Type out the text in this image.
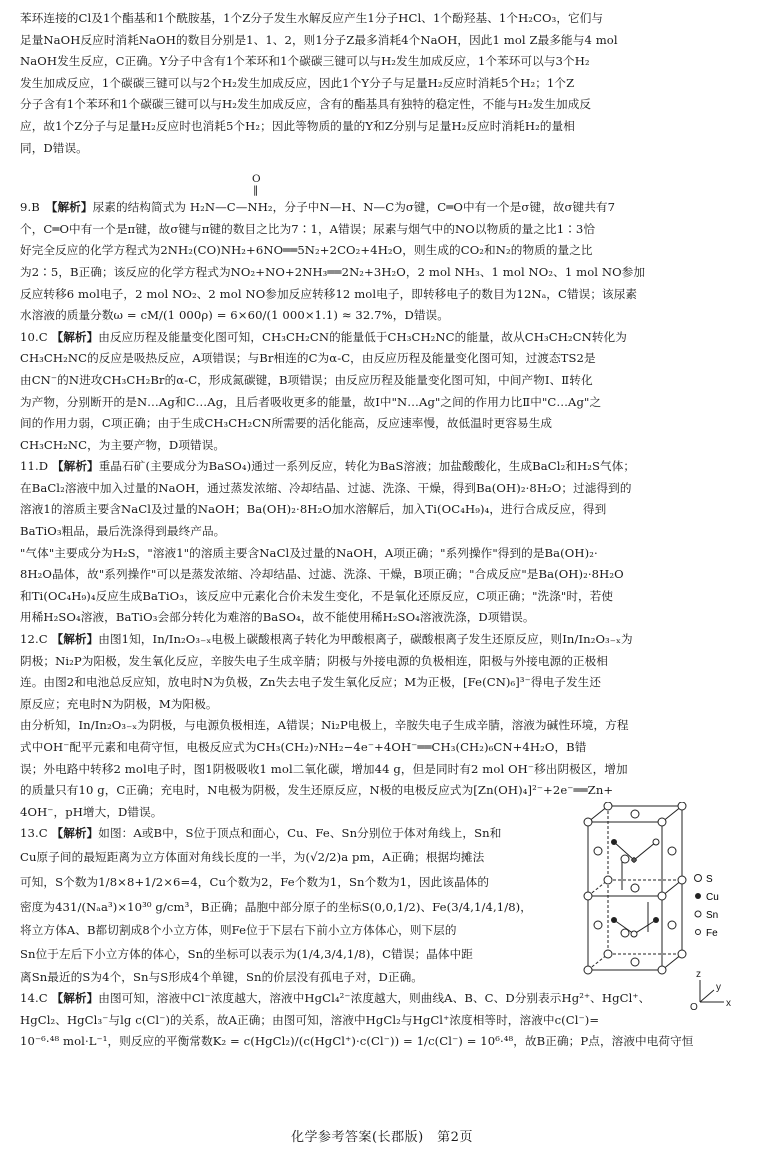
苯环连接的Cl及1个酯基和1个酰胺基，1个Z分子发生水解反应产生1分子HCl、1个酚羟基、1个H₂CO₃，它们与

足量NaOH反应时消耗NaOH的数目分别是1、1、2，则1分子Z最多消耗4个NaOH，因此1 mol Z最多能与4 mol

NaOH发生反应，C正确。Y分子中含有1个苯环和1个碳碳三键可以与H₂发生加成反应，1个苯环可以与3个H₂

发生加成反应，1个碳碳三键可以与2个H₂发生加成反应，因此1个Y分子与足量H₂反应时消耗5个H₂；1个Z

分子含有1个苯环和1个碳碳三键可以与H₂发生加成反应，含有的酯基具有独特的稳定性，不能与H₂发生加成反

应，故1个Z分子与足量H₂反应时也消耗5个H₂；因此等物质的量的Y和Z分别与足量H₂反应时消耗H₂的量相

同，D错误。

O
‖

9.B 【解析】尿素的结构简式为 H₂N—C—NH₂，分子中N—H、N—C为σ键，C═O中有一个是σ键，故σ键共有7

个，C═O中有一个是π键，故σ键与π键的数目之比为7∶1，A错误；尿素与烟气中的NO以物质的量之比1∶3恰

好完全反应的化学方程式为2NH₂(CO)NH₂+6NO══5N₂+2CO₂+4H₂O，则生成的CO₂和N₂的物质的量之比

为2∶5，B正确；该反应的化学方程式为NO₂+NO+2NH₃══2N₂+3H₂O，2 mol NH₃、1 mol NO₂、1 mol NO参加

反应转移6 mol电子，2 mol NO₂、2 mol NO参加反应转移12 mol电子，即转移电子的数目为12Nₐ，C错误；该尿素

水溶液的质量分数ω = cM/(1 000ρ) = 6×60/(1 000×1.1) ≈ 32.7%，D错误。

10.C 【解析】由反应历程及能量变化图可知，CH₃CH₂CN的能量低于CH₃CH₂NC的能量，故从CH₃CH₂CN转化为

CH₃CH₂NC的反应是吸热反应，A项错误；与Br相连的C为α-C，由反应历程及能量变化图可知，过渡态TS2是

由CN⁻的N进攻CH₃CH₂Br的α-C，形成氮碳键，B项错误；由反应历程及能量变化图可知，中间产物Ⅰ、Ⅱ转化

为产物，分别断开的是N…Ag和C…Ag，且后者吸收更多的能量，故Ⅰ中"N…Ag"之间的作用力比Ⅱ中"C…Ag"之

间的作用力弱，C项正确；由于生成CH₃CH₂CN所需要的活化能高，反应速率慢，故低温时更容易生成

CH₃CH₂NC，为主要产物，D项错误。

11.D 【解析】重晶石矿(主要成分为BaSO₄)通过一系列反应，转化为BaS溶液；加盐酸酸化，生成BaCl₂和H₂S气体；

在BaCl₂溶液中加入过量的NaOH，通过蒸发浓缩、冷却结晶、过滤、洗涤、干燥，得到Ba(OH)₂·8H₂O；过滤得到的

溶液1的溶质主要含NaCl及过量的NaOH；Ba(OH)₂·8H₂O加水溶解后，加入Ti(OC₄H₉)₄，进行合成反应，得到

BaTiO₃粗品，最后洗涤得到最终产品。

"气体"主要成分为H₂S，"溶液1"的溶质主要含NaCl及过量的NaOH，A项正确；"系列操作"得到的是Ba(OH)₂·

8H₂O晶体，故"系列操作"可以是蒸发浓缩、冷却结晶、过滤、洗涤、干燥，B项正确；"合成反应"是Ba(OH)₂·8H₂O

和Ti(OC₄H₉)₄反应生成BaTiO₃，该反应中元素化合价未发生变化，不是氧化还原反应，C项正确；"洗涤"时，若使

用稀H₂SO₄溶液，BaTiO₃会部分转化为难溶的BaSO₄，故不能使用稀H₂SO₄溶液洗涤，D项错误。

12.C 【解析】由图1知，In/In₂O₃₋ₓ电极上碳酸根离子转化为甲酸根离子，碳酸根离子发生还原反应，则In/In₂O₃₋ₓ为

阴极；Ni₂P为阳极，发生氧化反应，辛胺失电子生成辛腈；阴极与外接电源的负极相连，阳极与外接电源的正极相

连。由图2和电池总反应知，放电时N为负极，Zn失去电子发生氧化反应；M为正极，[Fe(CN)₆]³⁻得电子发生还

原反应；充电时N为阴极，M为阳极。

由分析知，In/In₂O₃₋ₓ为阴极，与电源负极相连，A错误；Ni₂P电极上，辛胺失电子生成辛腈，溶液为碱性环境，方程

式中OH⁻配平元素和电荷守恒，电极反应式为CH₃(CH₂)₇NH₂−4e⁻+4OH⁻══CH₃(CH₂)₆CN+4H₂O，B错

误；外电路中转移2 mol电子时，图1阴极吸收1 mol二氧化碳，增加44 g，但是同时有2 mol OH⁻移出阴极区，增加

的质量只有10 g，C正确；充电时，N电极为阴极，发生还原反应，N极的电极反应式为[Zn(OH)₄]²⁻+2e⁻══Zn+

4OH⁻，pH增大，D错误。

13.C 【解析】如图：A或B中，S位于顶点和面心，Cu、Fe、Sn分别位于体对角线上，Sn和

Cu原子间的最短距离为立方体面对角线长度的一半，为(√2/2)a pm，A正确；根据均摊法

可知，S个数为1/8×8+1/2×6=4，Cu个数为2，Fe个数为1，Sn个数为1，因此该晶体的

密度为431/(Nₐa³)×10³⁰ g/cm³，B正确；晶胞中部分原子的坐标S(0,0,1/2)、Fe(3/4,1/4,1/8)，

将立方体A、B都切割成8个小立方体，则Fe位于下层右下前小立方体体心，则下层的

Sn位于左后下小立方体的体心，Sn的坐标可以表示为(1/4,3/4,1/8)，C错误；晶体中距

离Sn最近的S为4个，Sn与S形成4个单键，Sn的价层没有孤电子对，D正确。

14.C 【解析】由图可知，溶液中Cl⁻浓度越大，溶液中HgCl₄²⁻浓度越大，则曲线A、B、C、D分别表示Hg²⁺、HgCl⁺、

HgCl₂、HgCl₃⁻与lg c(Cl⁻)的关系，故A正确；由图可知，溶液中HgCl₂与HgCl⁺浓度相等时，溶液中c(Cl⁻)=

10⁻⁶·⁴⁸ mol·L⁻¹，则反应的平衡常数K₂ = c(HgCl₂)/(c(HgCl⁺)·c(Cl⁻)) = 1/c(Cl⁻) = 10⁶·⁴⁸，故B正确；P点，溶液中电荷守恒

S
Cu
Sn
Fe
z
y
x
O
化学参考答案(长郡版)　第2页
